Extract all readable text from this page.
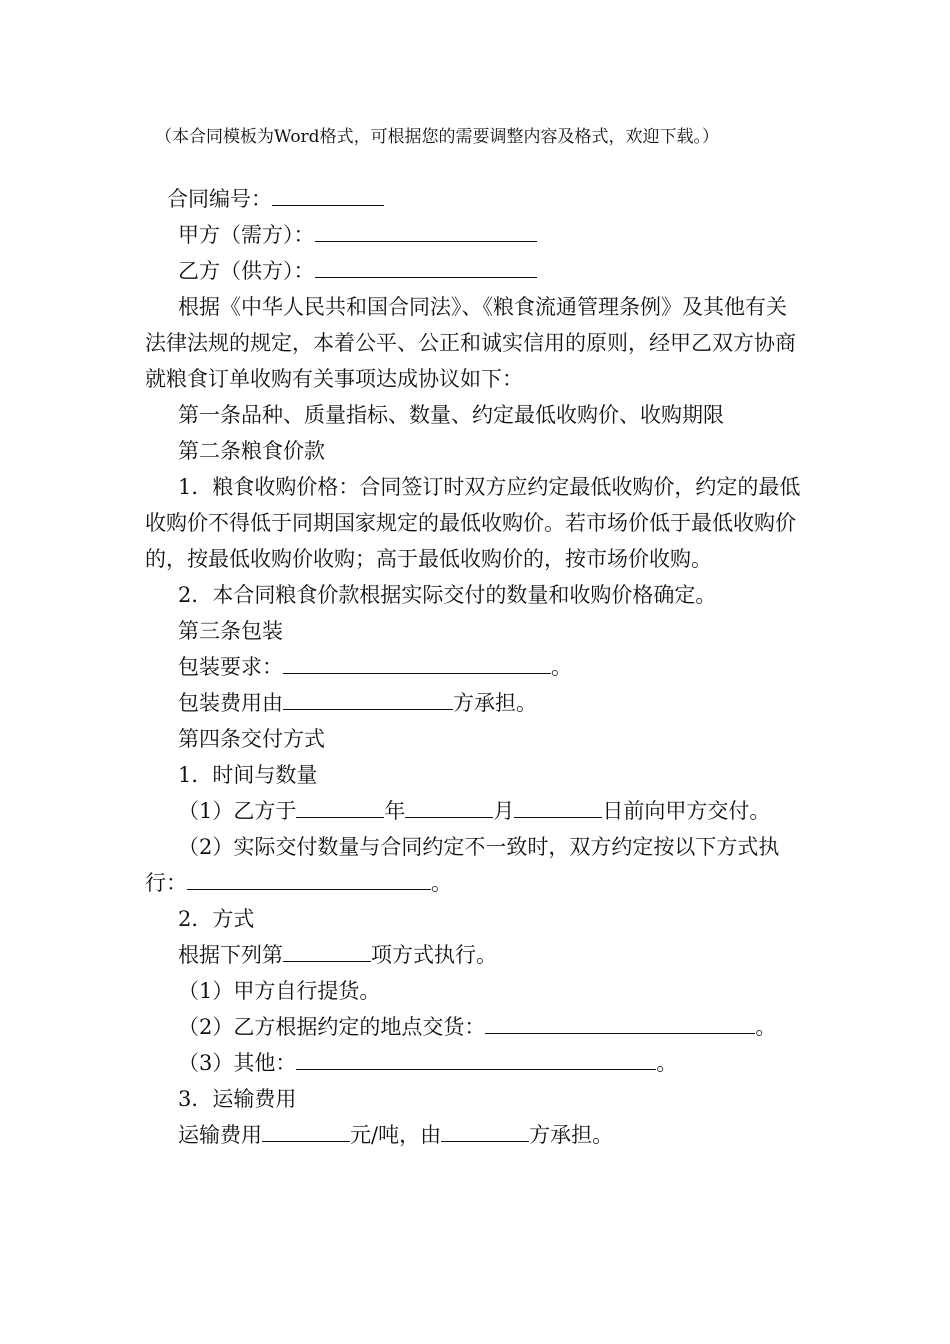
（本合同模板为Word格式，可根据您的需要调整内容及格式，欢迎下载。）

合同编号：

甲方（需方）：

乙方（供方）：

根据《中华人民共和国合同法》、《粮食流通管理条例》及其他有关法律法规的规定，本着公平、公正和诚实信用的原则，经甲乙双方协商就粮食订单收购有关事项达成协议如下：

第一条品种、质量指标、数量、约定最低收购价、收购期限

第二条粮食价款

1．粮食收购价格：合同签订时双方应约定最低收购价，约定的最低收购价不得低于同期国家规定的最低收购价。若市场价低于最低收购价的，按最低收购价收购；高于最低收购价的，按市场价收购。

2．本合同粮食价款根据实际交付的数量和收购价格确定。

第三条包装

包装要求：	。

包装费用由	方承担。

第四条交付方式

1．时间与数量

（1）乙方于	年	月	日前向甲方交付。

（2）实际交付数量与合同约定不一致时，双方约定按以下方式执行：	。

2．方式

根据下列第	项方式执行。

（1）甲方自行提货。

（2）乙方根据约定的地点交货：	。

（3）其他：	。

3．运输费用

运输费用	元/吨，由	方承担。
